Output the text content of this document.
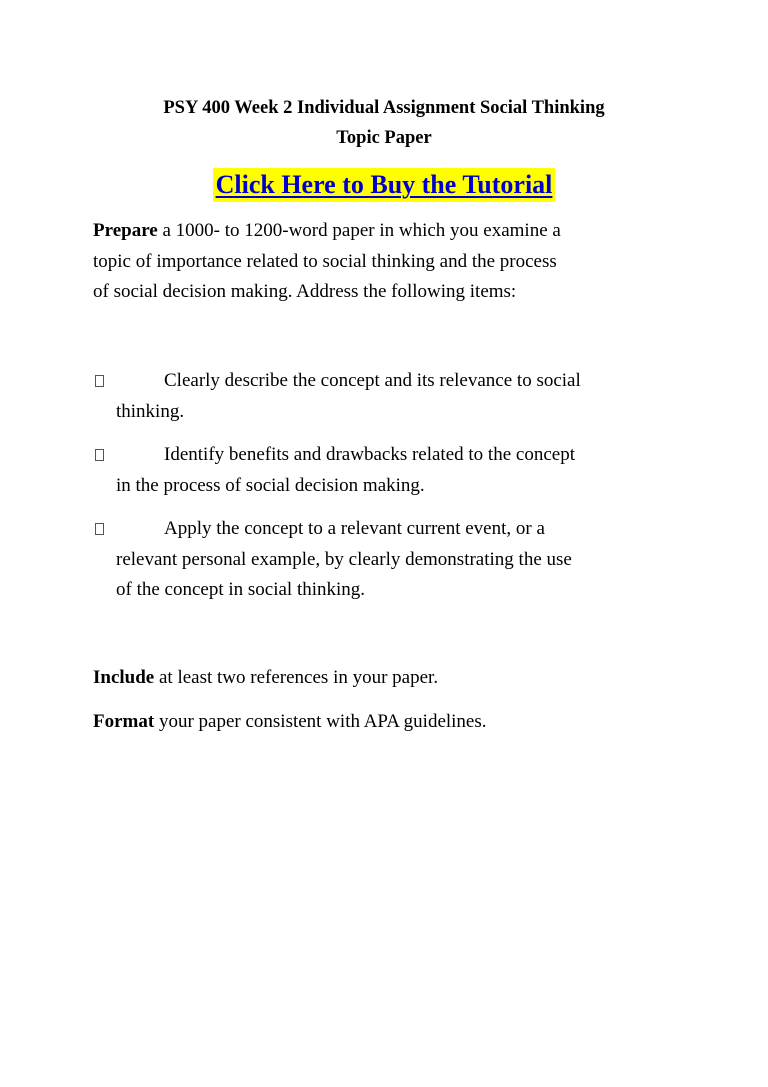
PSY 400 Week 2 Individual Assignment Social Thinking
Topic Paper
Click Here to Buy the Tutorial
Prepare a 1000- to 1200-word paper in which you examine a
topic of importance related to social thinking and the process
of social decision making. Address the following items:
Clearly describe the concept and its relevance to social
thinking.
Identify benefits and drawbacks related to the concept
in the process of social decision making.
Apply the concept to a relevant current event, or a
relevant personal example, by clearly demonstrating the use
of the concept in social thinking.
Include at least two references in your paper.
Format your paper consistent with APA guidelines.
